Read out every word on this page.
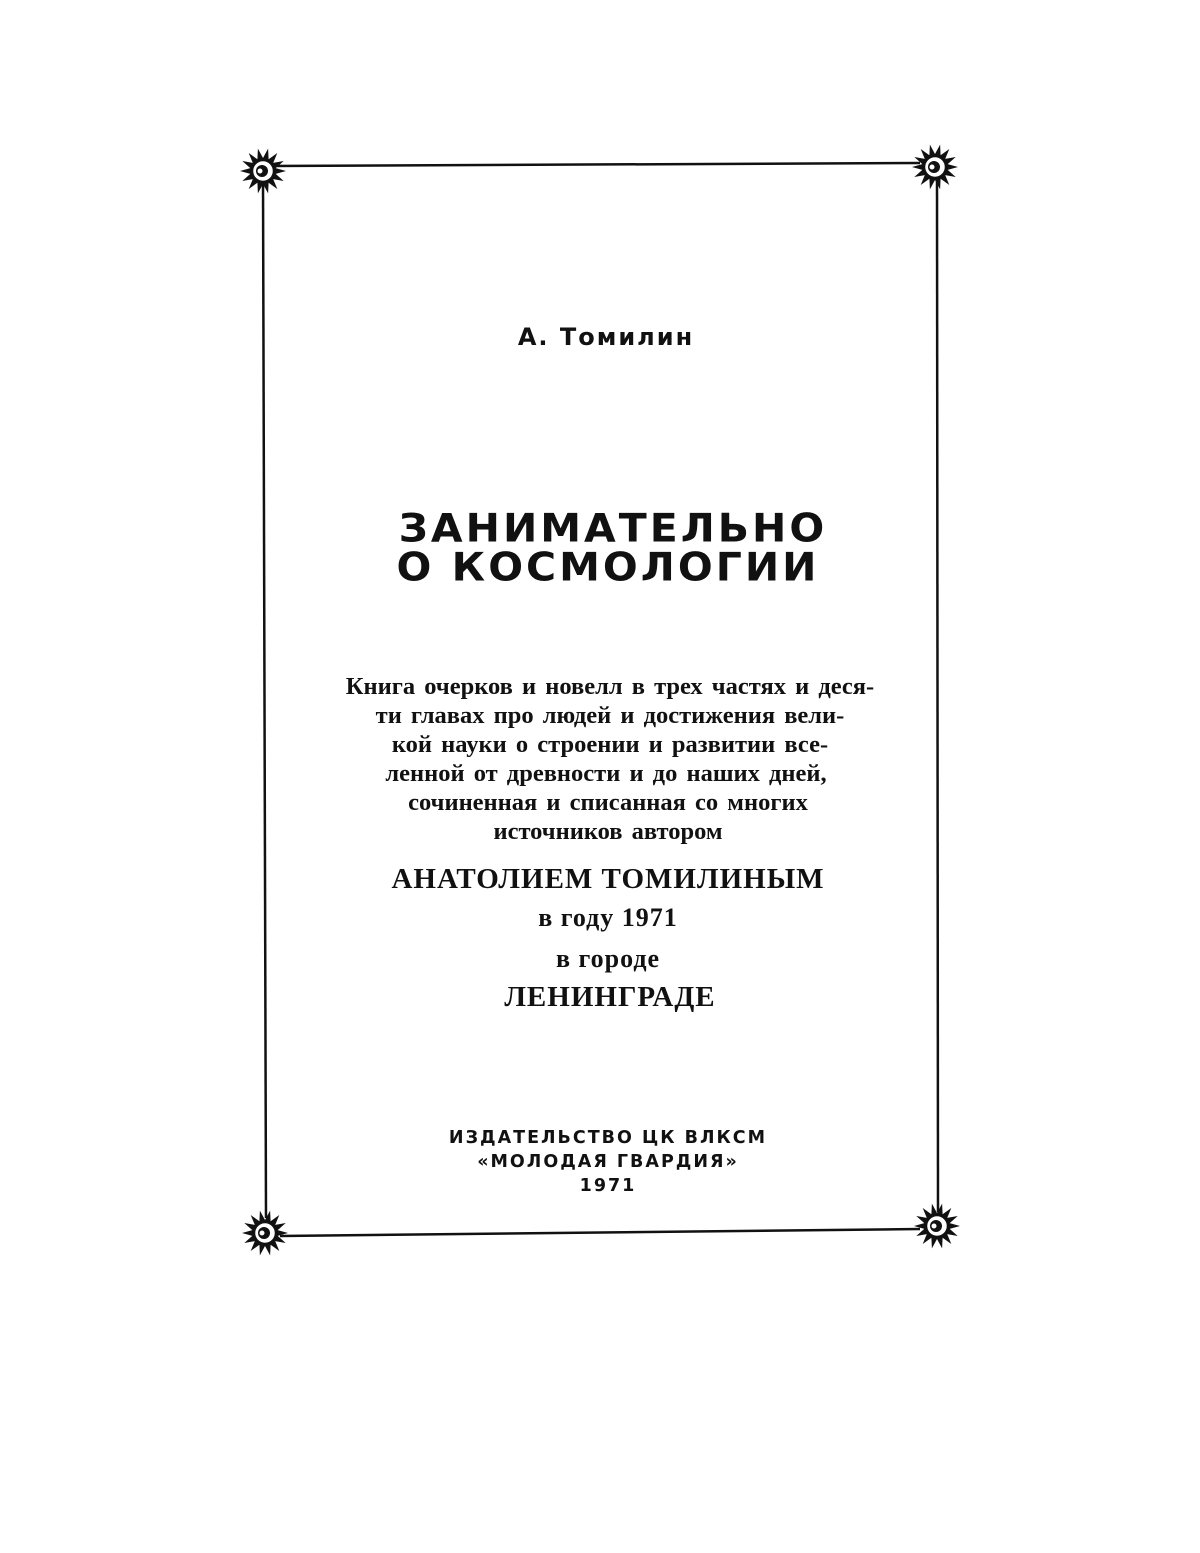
А. Томилин
ЗАНИМАТЕЛЬНО
О КОСМОЛОГИИ
Книга очерков и новелл в трех частях и деся-
ти главах про людей и достижения вели-
кой науки о строении и развитии все-
ленной от древности и до наших дней,
сочиненная и списанная со многих
источников автором
АНАТОЛИЕМ ТОМИЛИНЫМ
в году 1971
в городе
ЛЕНИНГРАДЕ
ИЗДАТЕЛЬСТВО ЦК ВЛКСМ
«МОЛОДАЯ ГВАРДИЯ»
1971
